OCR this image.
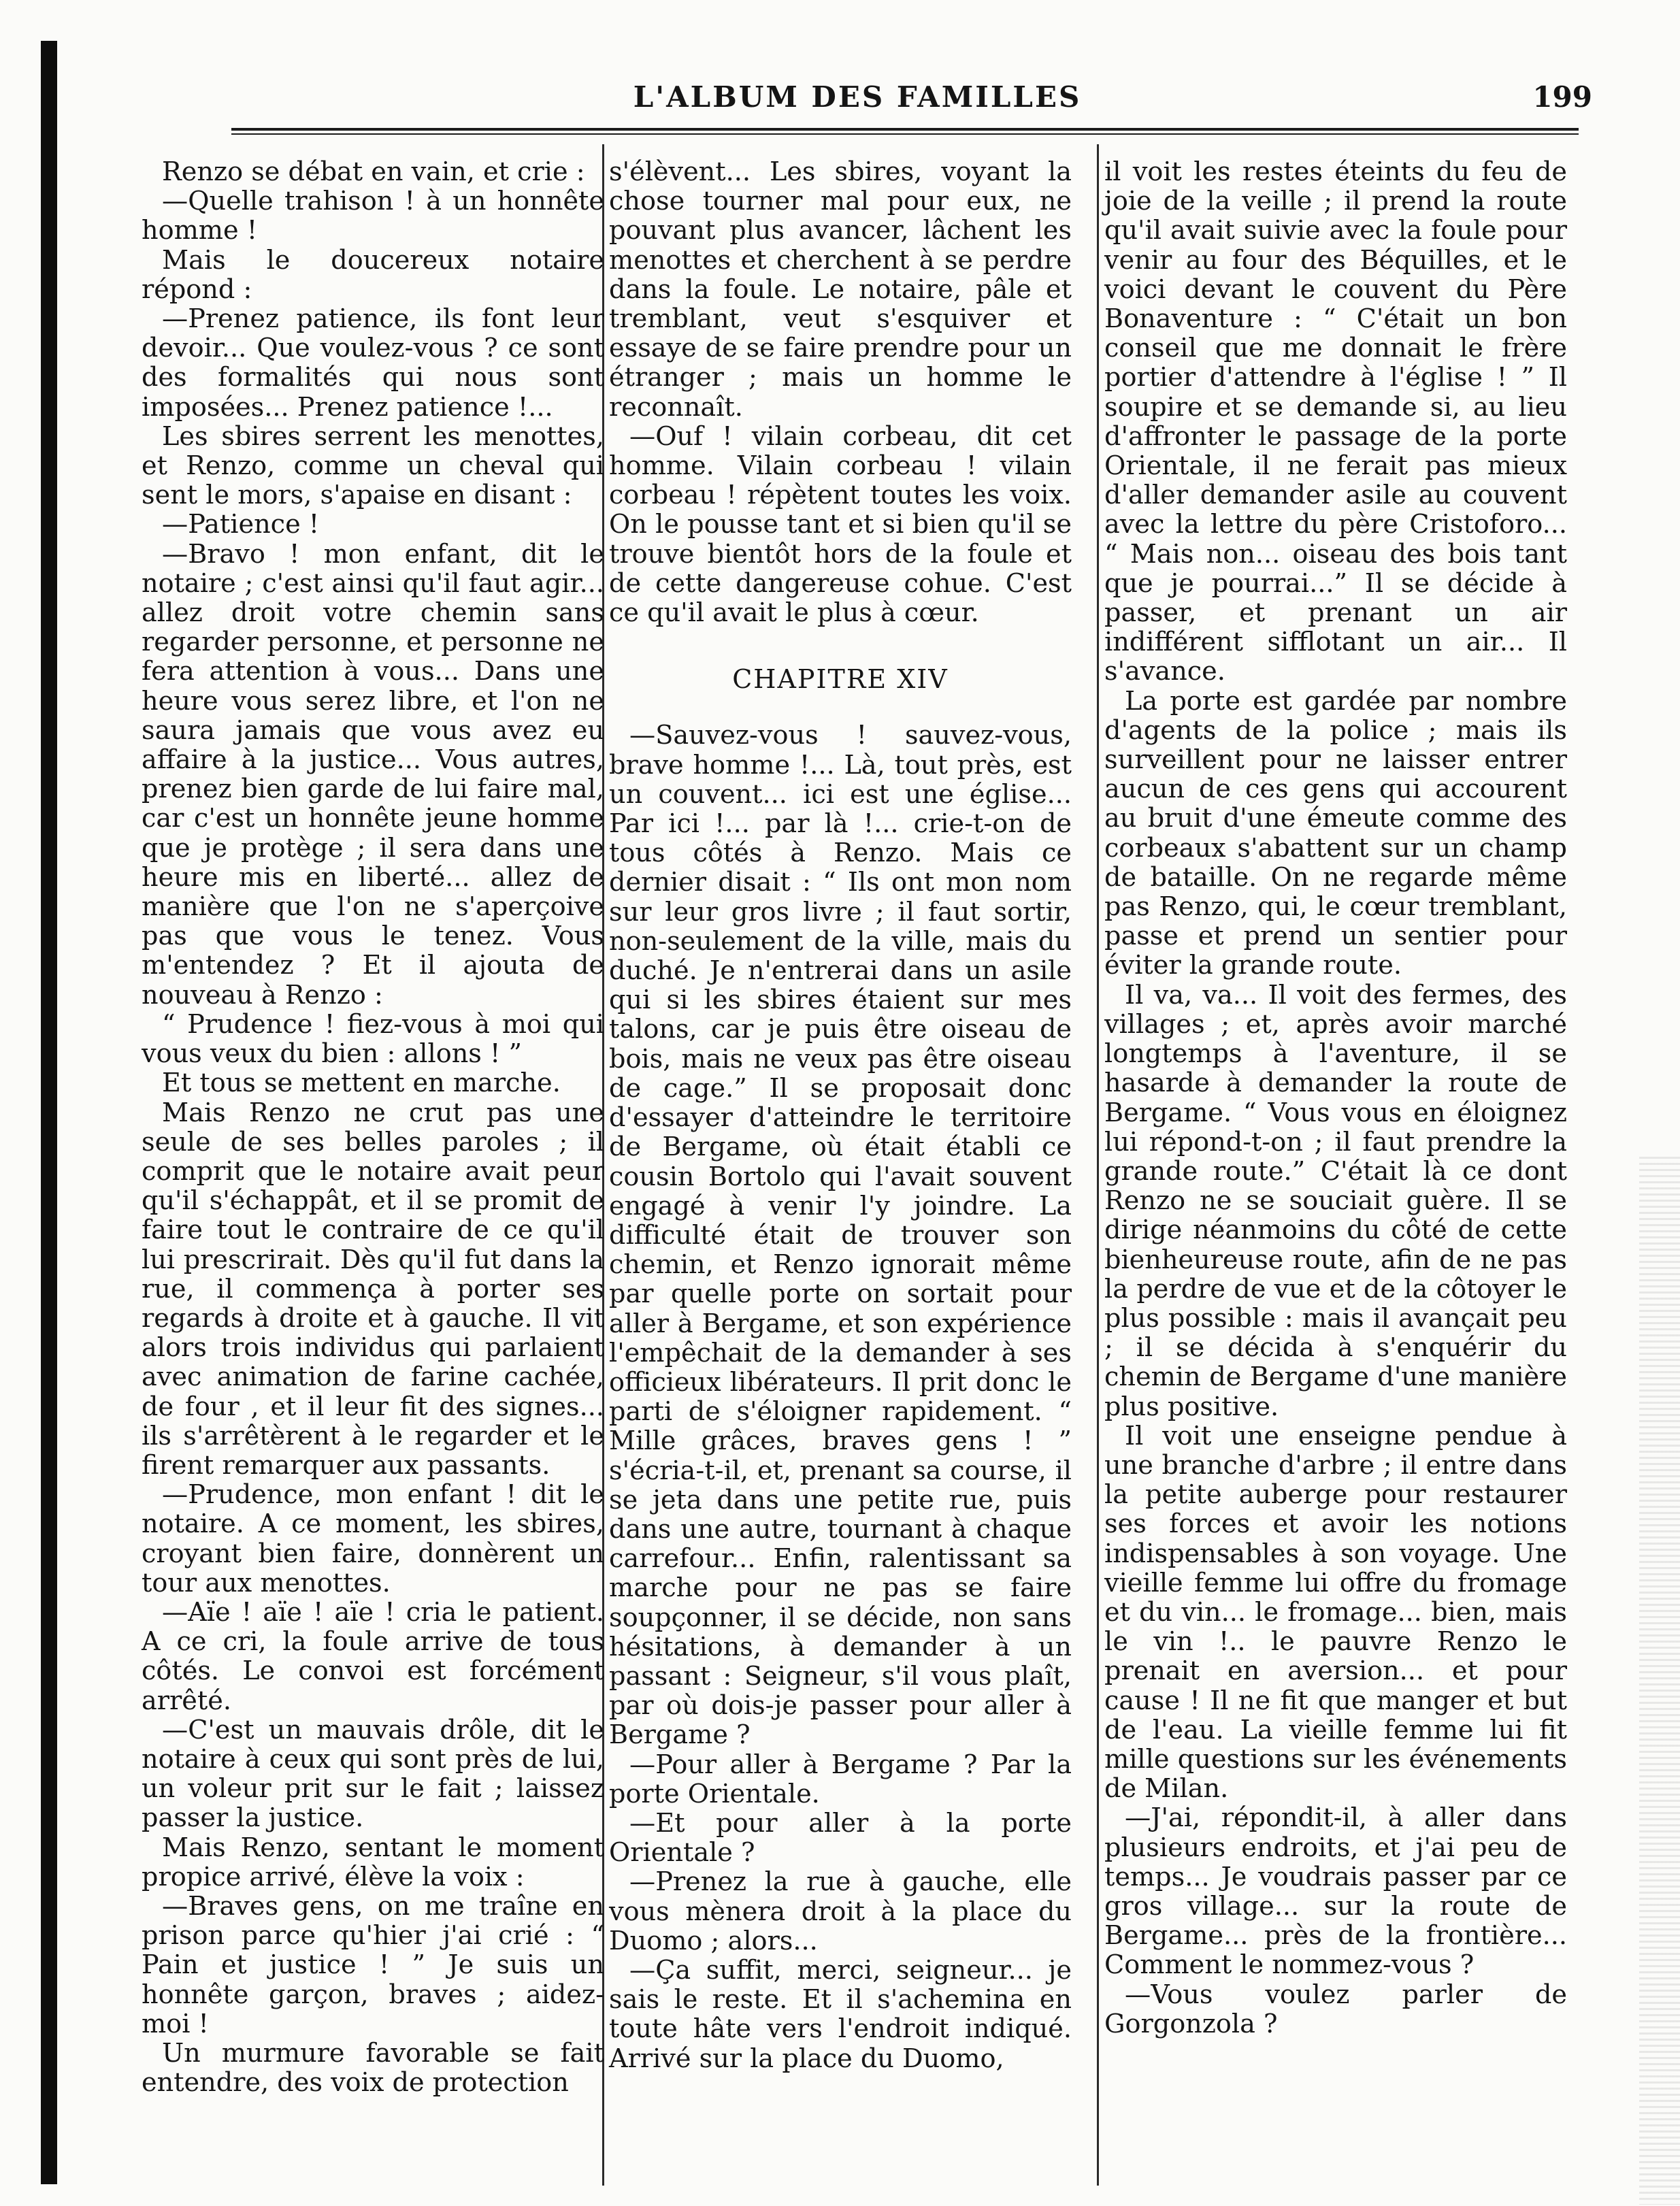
L'ALBUM DES FAMILLES	199

Renzo se débat en vain, et crie :

—Quelle trahison ! à un honnête homme !

Mais le doucereux notaire répond :

—Prenez patience, ils font leur devoir... Que voulez-vous ? ce sont des formalités qui nous sont imposées... Prenez patience !...

Les sbires serrent les menottes, et Renzo, comme un cheval qui sent le mors, s'apaise en disant :

—Patience !

—Bravo ! mon enfant, dit le notaire ; c'est ainsi qu'il faut agir... allez droit votre chemin sans regarder personne, et personne ne fera attention à vous... Dans une heure vous serez libre, et l'on ne saura jamais que vous avez eu affaire à la justice... Vous autres, prenez bien garde de lui faire mal, car c'est un honnête jeune homme que je protège ; il sera dans une heure mis en liberté... allez de manière que l'on ne s'aperçoive pas que vous le tenez. Vous m'entendez ? Et il ajouta de nouveau à Renzo :

“ Prudence ! fiez-vous à moi qui vous veux du bien : allons ! ”

Et tous se mettent en marche.

Mais Renzo ne crut pas une seule de ses belles paroles ; il comprit que le notaire avait peur qu'il s'échappât, et il se promit de faire tout le contraire de ce qu'il lui prescrirait. Dès qu'il fut dans la rue, il commença à porter ses regards à droite et à gauche. Il vit alors trois individus qui parlaient avec animation de farine cachée, de four , et il leur fit des signes... ils s'arrêtèrent à le regarder et le firent remarquer aux passants.

—Prudence, mon enfant ! dit le notaire. A ce moment, les sbires, croyant bien faire, donnèrent un tour aux menottes.

—Aïe ! aïe ! aïe ! cria le patient. A ce cri, la foule arrive de tous côtés. Le convoi est forcément arrêté.

—C'est un mauvais drôle, dit le notaire à ceux qui sont près de lui, un voleur prit sur le fait ; laissez passer la justice.

Mais Renzo, sentant le moment propice arrivé, élève la voix :

—Braves gens, on me traîne en prison parce qu'hier j'ai crié : “ Pain et justice ! ” Je suis un honnête garçon, braves ; aidez-moi !

Un murmure favorable se fait entendre, des voix de protection

s'élèvent... Les sbires, voyant la chose tourner mal pour eux, ne pouvant plus avancer, lâchent les menottes et cherchent à se perdre dans la foule. Le notaire, pâle et tremblant, veut s'esquiver et essaye de se faire prendre pour un étranger ; mais un homme le reconnaît.

—Ouf ! vilain corbeau, dit cet homme. Vilain corbeau ! vilain corbeau ! répètent toutes les voix. On le pousse tant et si bien qu'il se trouve bientôt hors de la foule et de cette dangereuse cohue. C'est ce qu'il avait le plus à cœur.

CHAPITRE XIV

—Sauvez-vous ! sauvez-vous, brave homme !... Là, tout près, est un couvent... ici est une église... Par ici !... par là !... crie-t-on de tous côtés à Renzo. Mais ce dernier disait : “ Ils ont mon nom sur leur gros livre ; il faut sortir, non-seulement de la ville, mais du duché. Je n'entrerai dans un asile qui si les sbires étaient sur mes talons, car je puis être oiseau de bois, mais ne veux pas être oiseau de cage.” Il se proposait donc d'essayer d'atteindre le territoire de Bergame, où était établi ce cousin Bortolo qui l'avait souvent engagé à venir l'y joindre. La difficulté était de trouver son chemin, et Renzo ignorait même par quelle porte on sortait pour aller à Bergame, et son expérience l'empêchait de la demander à ses officieux libérateurs. Il prit donc le parti de s'éloigner rapidement. “ Mille grâces, braves gens ! ” s'écria-t-il, et, prenant sa course, il se jeta dans une petite rue, puis dans une autre, tournant à chaque carrefour... Enfin, ralentissant sa marche pour ne pas se faire soupçonner, il se décide, non sans hésitations, à demander à un passant : Seigneur, s'il vous plaît, par où dois-je passer pour aller à Bergame ?

—Pour aller à Bergame ? Par la porte Orientale.

—Et pour aller à la porte Orientale ?

—Prenez la rue à gauche, elle vous mènera droit à la place du Duomo ; alors...

—Ça suffit, merci, seigneur... je sais le reste. Et il s'achemina en toute hâte vers l'endroit indiqué. Arrivé sur la place du Duomo,

il voit les restes éteints du feu de joie de la veille ; il prend la route qu'il avait suivie avec la foule pour venir au four des Béquilles, et le voici devant le couvent du Père Bonaventure : “ C'était un bon conseil que me donnait le frère portier d'attendre à l'église ! ” Il soupire et se demande si, au lieu d'affronter le passage de la porte Orientale, il ne ferait pas mieux d'aller demander asile au couvent avec la lettre du père Cristoforo... “ Mais non... oiseau des bois tant que je pourrai...” Il se décide à passer, et prenant un air indifférent sifflotant un air... Il s'avance.

La porte est gardée par nombre d'agents de la police ; mais ils surveillent pour ne laisser entrer aucun de ces gens qui accourent au bruit d'une émeute comme des corbeaux s'abattent sur un champ de bataille. On ne regarde même pas Renzo, qui, le cœur tremblant, passe et prend un sentier pour éviter la grande route.

Il va, va... Il voit des fermes, des villages ; et, après avoir marché longtemps à l'aventure, il se hasarde à demander la route de Bergame. “ Vous vous en éloignez lui répond-t-on ; il faut prendre la grande route.” C'était là ce dont Renzo ne se souciait guère. Il se dirige néanmoins du côté de cette bienheureuse route, afin de ne pas la perdre de vue et de la côtoyer le plus possible : mais il avançait peu ; il se décida à s'enquérir du chemin de Bergame d'une manière plus positive.

Il voit une enseigne pendue à une branche d'arbre ; il entre dans la petite auberge pour restaurer ses forces et avoir les notions indispensables à son voyage. Une vieille femme lui offre du fromage et du vin... le fromage... bien, mais le vin !.. le pauvre Renzo le prenait en aversion... et pour cause ! Il ne fit que manger et but de l'eau. La vieille femme lui fit mille questions sur les événements de Milan.

—J'ai, répondit-il, à aller dans plusieurs endroits, et j'ai peu de temps... Je voudrais passer par ce gros village... sur la route de Bergame... près de la frontière... Comment le nommez-vous ?

—Vous voulez parler de Gorgonzola ?
